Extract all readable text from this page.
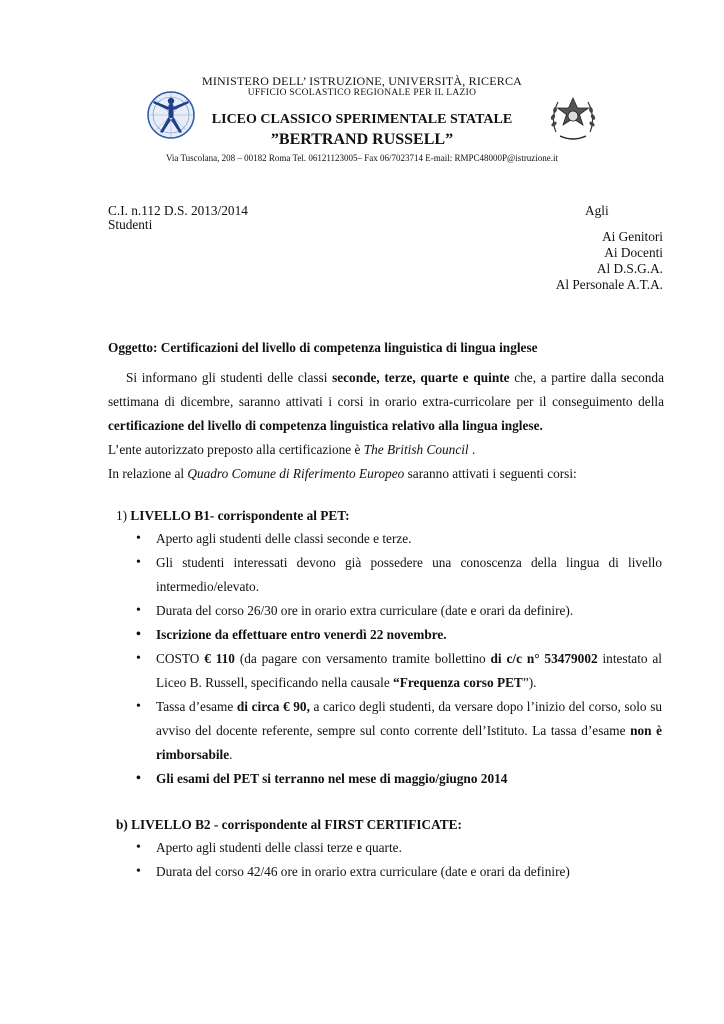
MINISTERO DELL’ ISTRUZIONE, UNIVERSITÀ, RICERCA
UFFICIO SCOLASTICO REGIONALE PER IL LAZIO
LICEO CLASSICO SPERIMENTALE STATALE
”BERTRAND RUSSELL”
Via Tuscolana, 208 – 00182 Roma Tel. 06121123005– Fax 06/7023714 E-mail: RMPC48000P@istruzione.it
C.I. n.112 D.S. 2013/2014	Agli
Studenti
Ai Genitori
Ai Docenti
Al D.S.G.A.
Al Personale A.T.A.
Oggetto: Certificazioni del livello di competenza linguistica di lingua inglese

Si informano gli studenti delle classi seconde, terze, quarte e quinte che, a partire dalla seconda settimana di dicembre, saranno attivati i corsi in orario extra-curricolare per il conseguimento della certificazione del livello di competenza linguistica relativo alla lingua inglese.

L’ente autorizzato preposto alla certificazione è The British Council .

In relazione al Quadro Comune di Riferimento Europeo saranno attivati i seguenti corsi:

1) LIVELLO B1- corrispondente al PET:
• Aperto agli studenti delle classi seconde e terze.
• Gli studenti interessati devono già possedere una conoscenza della lingua di livello intermedio/elevato.
• Durata del corso 26/30 ore in orario extra curriculare (date e orari da definire).
• Iscrizione da effettuare entro venerdì 22 novembre.
• COSTO € 110 (da pagare con versamento tramite bollettino di c/c n° 53479002 intestato al Liceo B. Russell, specificando nella causale “Frequenza corso PET”).
• Tassa d’esame di circa € 90, a carico degli studenti, da versare dopo l’inizio del corso, solo su avviso del docente referente, sempre sul conto corrente dell’Istituto. La tassa d’esame non è rimborsabile.
• Gli esami del PET si terranno nel mese di maggio/giugno 2014
b) LIVELLO B2 - corrispondente al FIRST CERTIFICATE:
• Aperto agli studenti delle classi terze e quarte.
• Durata del corso 42/46 ore in orario extra curriculare (date e orari da definire)
